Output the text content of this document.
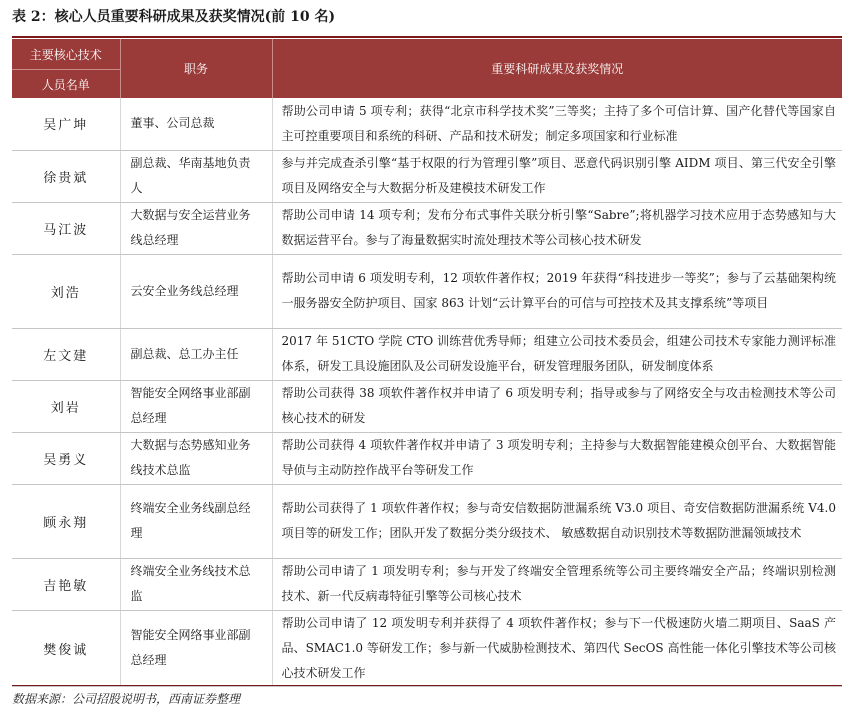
表 2：核心人员重要科研成果及获奖情况(前 10 名)
主要核心技术	职务	重要科研成果及获奖情况

人员名单		

吴广坤	董事、公司总裁	帮助公司申请 5 项专利；获得“北京市科学技术奖”三等奖；主持了多个可信计算、国产化替代等国家自主可控重要项目和系统的科研、产品和技术研发；制定多项国家和行业标准
徐贵斌	副总裁、华南基地负责人	参与并完成查杀引擎“基于权限的行为管理引擎”项目、恶意代码识别引擎 AIDM 项目、第三代安全引擎项目及网络安全与大数据分析及建模技术研发工作
马江波	大数据与安全运营业务线总经理	帮助公司申请 14 项专利；发布分布式事件关联分析引擎“Sabre”;将机器学习技术应用于态势感知与大数据运营平台。参与了海量数据实时流处理技术等公司核心技术研发
刘浩	云安全业务线总经理	帮助公司申请 6 项发明专利，12 项软件著作权；2019 年获得“科技进步一等奖”；参与了云基础架构统一服务器安全防护项目、国家 863 计划“云计算平台的可信与可控技术及其支撑系统”等项目
左文建	副总裁、总工办主任	2017 年 51CTO 学院 CTO 训练营优秀导师；组建立公司技术委员会，组建公司技术专家能力测评标准体系，研发工具设施团队及公司研发设施平台，研发管理服务团队，研发制度体系
刘岩	智能安全网络事业部副总经理	帮助公司获得 38 项软件著作权并申请了 6 项发明专利；指导或参与了网络安全与攻击检测技术等公司 核心技术的研发
吴勇义	大数据与态势感知业务线技术总监	帮助公司获得 4 项软件著作权并申请了 3 项发明专利；主持参与大数据智能建模众创平台、大数据智能导侦与主动防控作战平台等研发工作
顾永翔	终端安全业务线副总经理	帮助公司获得了 1 项软件著作权；参与奇安信数据防泄漏系统 V3.0 项目、奇安信数据防泄漏系统 V4.0 项目等的研发工作；团队开发了数据分类分级技术、 敏感数据自动识别技术等数据防泄漏领域技术
吉艳敏	终端安全业务线技术总监	帮助公司申请了 1 项发明专利；参与开发了终端安全管理系统等公司主要终端安全产品；终端识别检测技术、新一代反病毒特征引擎等公司核心技术
樊俊诚	智能安全网络事业部副总经理	帮助公司申请了 12 项发明专利并获得了 4 项软件著作权；参与下一代极速防火墙二期项目、SaaS 产品、SMAC1.0 等研发工作；参与新一代威胁检测技术、第四代 SecOS 高性能一体化引擎技术等公司核心技术研发工作
数据来源：公司招股说明书，西南证券整理
